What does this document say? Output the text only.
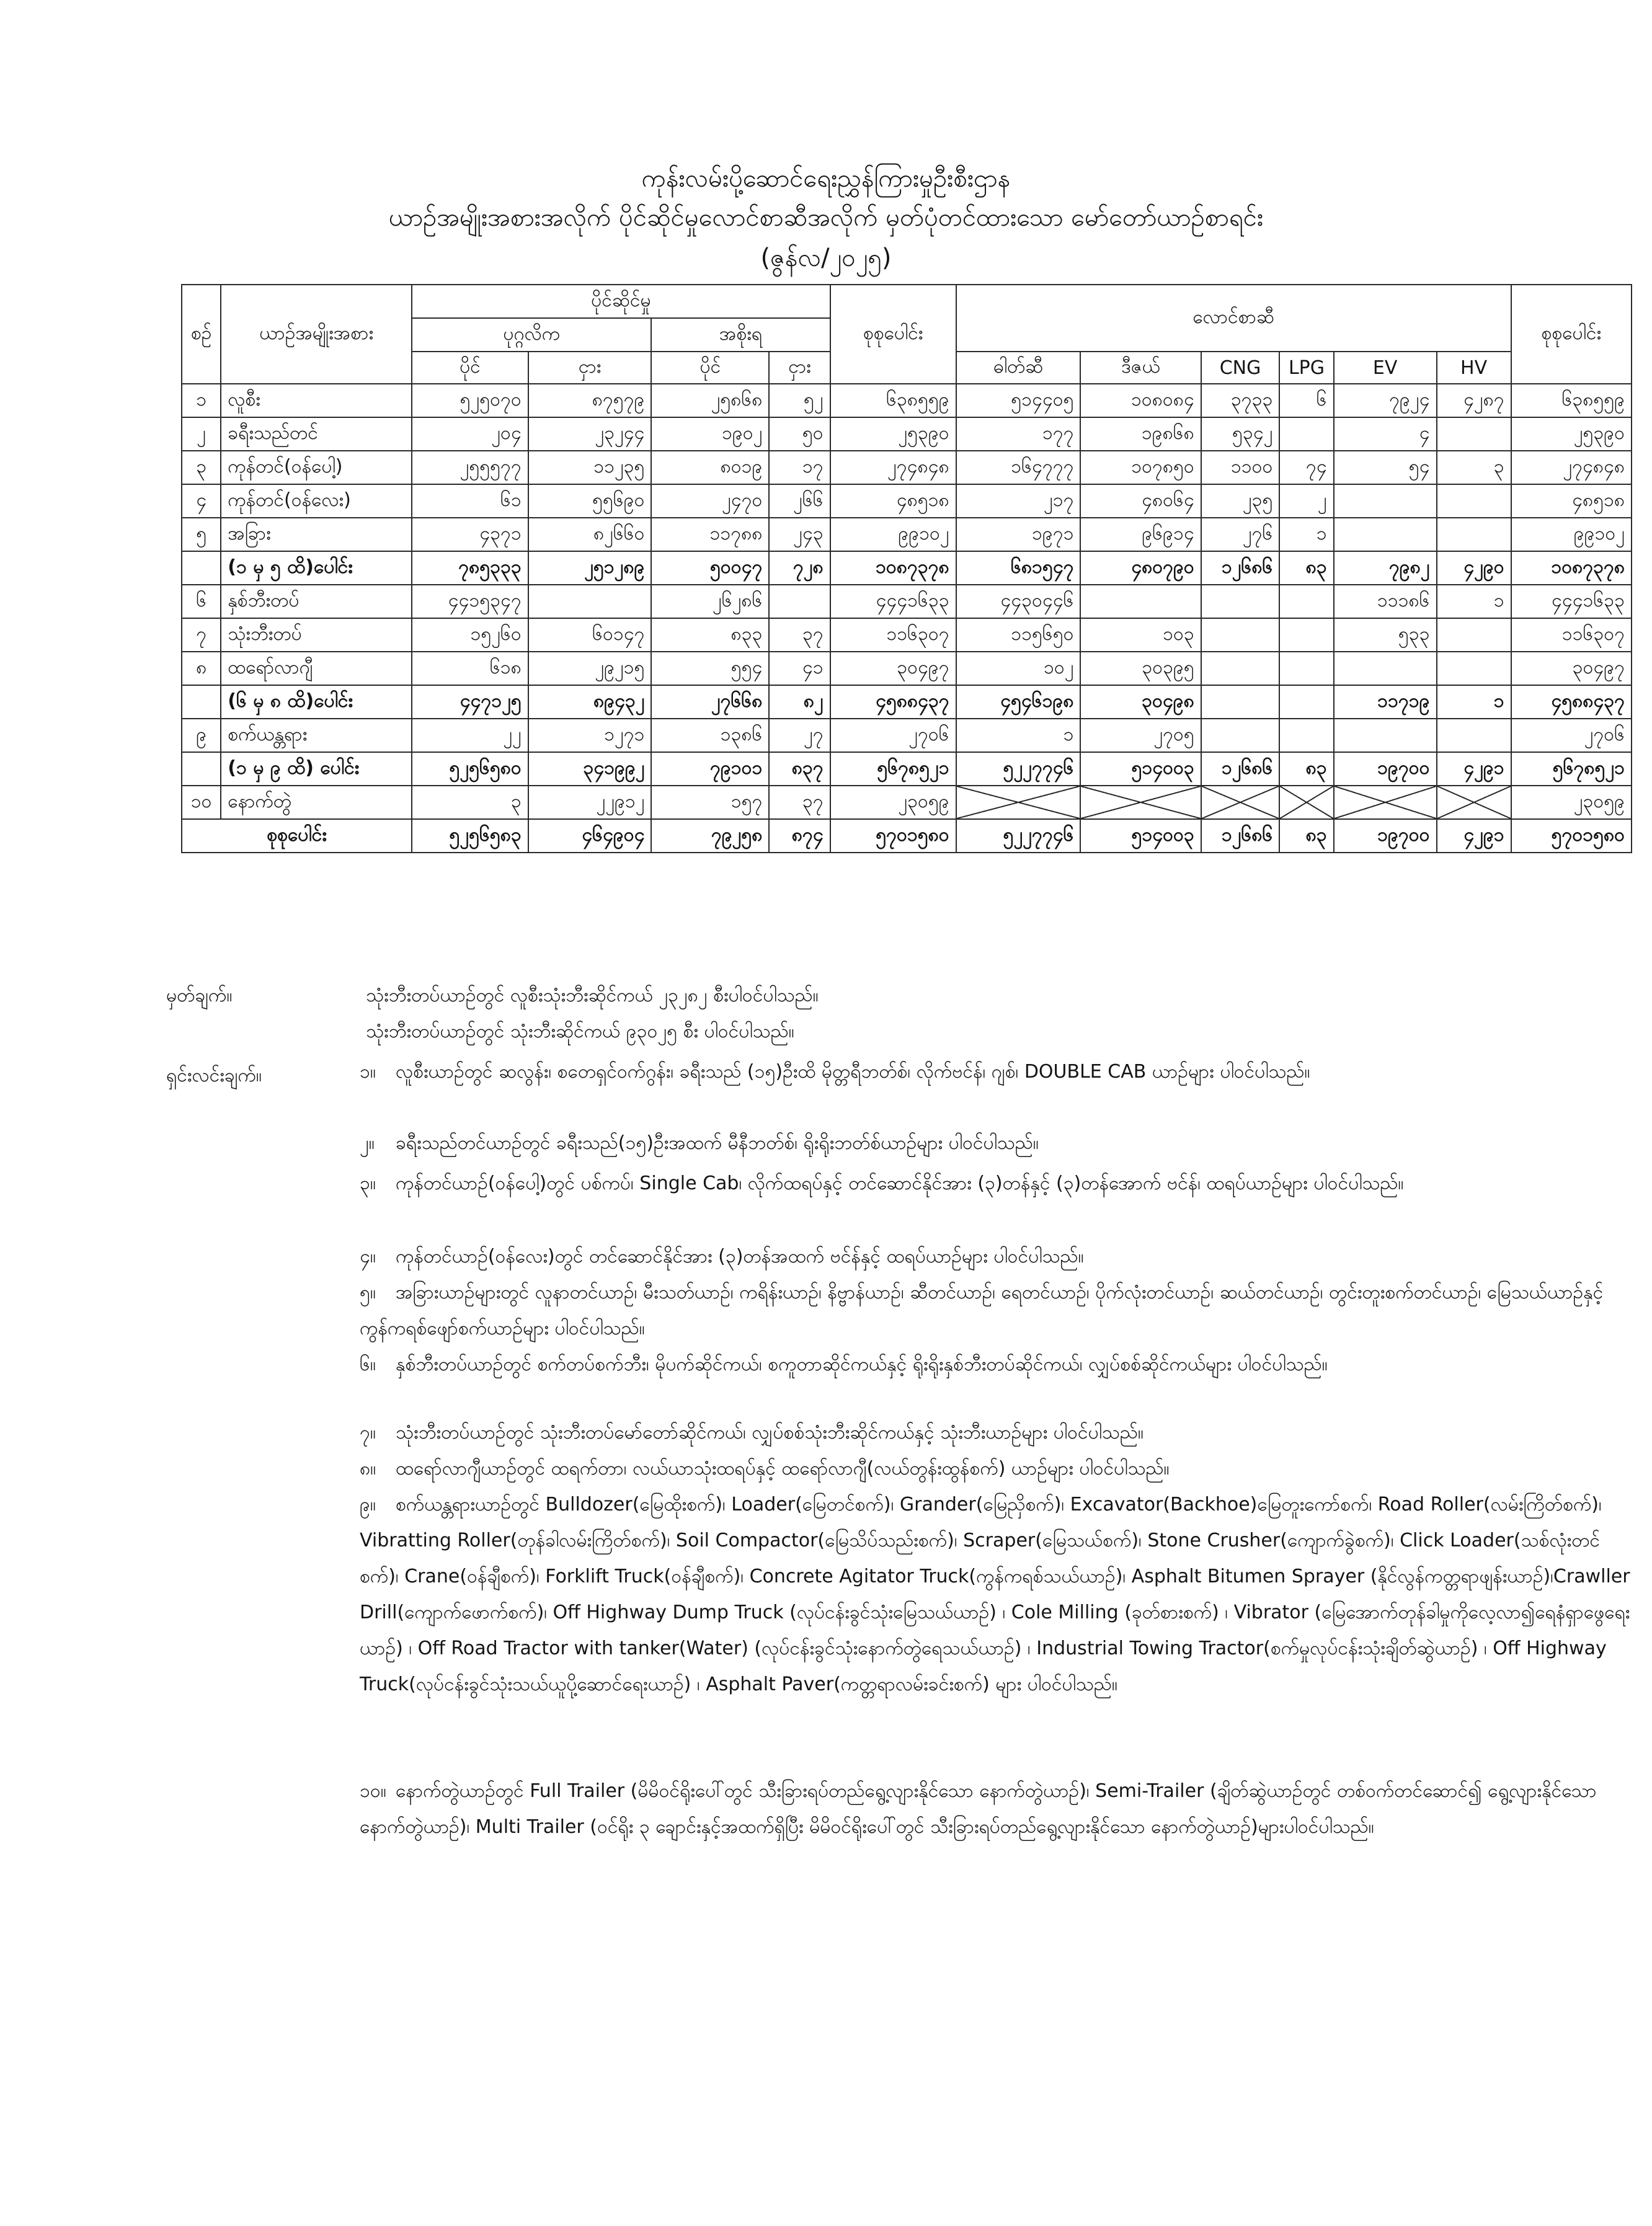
ကုန်းလမ်းပို့ဆောင်ရေးညွှန်ကြားမှုဦးစီးဌာန
ယာဉ်အမျိုးအစားအလိုက် ပိုင်ဆိုင်မှုလောင်စာဆီအလိုက် မှတ်ပုံတင်ထားသော မော်တော်ယာဉ်စာရင်း
(ဇွန်လ/၂၀၂၅)
စဉ်	ယာဉ်အမျိုးအစား	ပိုင်ဆိုင်မှု				စုစုပေါင်း	လောင်စာဆီ						စုစုပေါင်း
		ပုဂ္ဂလိက		အစိုးရ									
		ပိုင်	ငှား	ပိုင်	ငှား		ဓါတ်ဆီ	ဒီဇယ်	CNG	LPG	EV	HV	
၁	လူစီး	၅၂၅၀၇၀	၈၇၅၇၉	၂၅၈၆၈	၅၂	၆၃၈၅၅၉	၅၁၄၄၀၅	၁၀၈၀၈၄	၃၇၃၃	၆	၇၉၂၄	၄၂၈၇	၆၃၈၅၅၉
၂	ခရီးသည်တင်	၂၀၄	၂၃၂၄၄	၁၉၀၂	၅၀	၂၅၃၉၀	၁၇၇	၁၉၈၆၈	၅၃၄၂		၄		၂၅၃၉၀
၃	ကုန်တင်(ဝန်ပေါ့)	၂၅၅၅၇၇	၁၁၂၃၅	၈၀၁၉	၁၇	၂၇၄၈၄၈	၁၆၄၇၇၇	၁၀၇၈၅၀	၁၁၀၀	၇၄	၅၄	၃	၂၇၄၈၄၈
၄	ကုန်တင်(ဝန်လေး)	၆၁	၅၅၆၉၀	၂၄၇၀	၂၆၆	၄၈၅၁၈	၂၁၇	၄၈၀၆၄	၂၃၅	၂			၄၈၅၁၈
၅	အခြား	၄၃၇၁	၈၂၆၆၀	၁၁၇၈၈	၂၄၃	၉၉၁၀၂	၁၉၇၁	၉၆၉၁၄	၂၇၆	၁			၉၉၁၀၂
	(၁ မှ ၅ ထိ)ပေါင်း	၇၈၅၃၃၃	၂၅၁၂၈၉	၅၀၀၄၇	၇၂၈	၁၀၈၇၃၇၈	၆၈၁၅၄၇	၄၈၀၇၉၀	၁၂၆၈၆	၈၃	၇၉၈၂	၄၂၉၀	၁၀၈၇၃၇၈
၆	နှစ်ဘီးတပ်	၄၄၁၅၃၄၇		၂၆၂၈၆		၄၄၄၁၆၃၃	၄၄၃၀၄၄၆				၁၁၁၈၆	၁	၄၄၄၁၆၃၃
၇	သုံးဘီးတပ်	၁၅၂၆၀	၆၀၁၄၇	၈၃၃	၃၇	၁၁၆၃၀၇	၁၁၅၆၅၀	၁၀၃			၅၃၃		၁၁၆၃၀၇
၈	ထရော်လာဂျီ	၆၁၈	၂၉၂၁၅	၅၅၄	၄၁	၃၀၄၉၇	၁၀၂	၃၀၃၉၅					၃၀၄၉၇
	(၆ မှ ၈ ထိ)ပေါင်း	၄၄၇၁၂၅	၈၉၄၃၂	၂၇၆၆၈	၈၂	၄၅၈၈၄၃၇	၄၅၄၆၁၉၈	၃၀၄၉၈			၁၁၇၁၉	၁	၄၅၈၈၄၃၇
၉	စက်ယန္တရား	၂၂	၁၂၇၁	၁၃၈၆	၂၇	၂၇၀၆	၁	၂၇၀၅					၂၇၀၆
	(၁ မှ ၉ ထိ) ပေါင်း	၅၂၅၆၅၈၀	၃၄၁၉၉၂	၇၉၁၀၁	၈၃၇	၅၆၇၈၅၂၁	၅၂၂၇၇၄၆	၅၁၄၀၀၃	၁၂၆၈၆	၈၃	၁၉၇၀၀	၄၂၉၁	၅၆၇၈၅၂၁
၁၀	နောက်တွဲ	၃	၂၂၉၁၂	၁၅၇	၃၇	၂၃၀၅၉							၂၃၀၅၉
စုစုပေါင်း		၅၂၅၆၅၈၃	၄၆၄၉၀၄	၇၉၂၅၈	၈၇၄	၅၇၀၁၅၈၀	၅၂၂၇၇၄၆	၅၁၄၀၀၃	၁၂၆၈၆	၈၃	၁၉၇၀၀	၄၂၉၁	၅၇၀၁၅၈၀
မှတ်ချက်။	သုံးဘီးတပ်ယာဉ်တွင် လူစီးသုံးဘီးဆိုင်ကယ် ၂၃၂၈၂ စီးပါဝင်ပါသည်။
သုံးဘီးတပ်ယာဉ်တွင် သုံးဘီးဆိုင်ကယ် ၉၃၀၂၅ စီး ပါဝင်ပါသည်။
ရှင်းလင်းချက်။	၁။ လူစီးယာဉ်တွင် ဆလွန်း၊ စတေရှင်ဝက်ဂွန်း၊ ခရီးသည် (၁၅)ဦးထိ မိုတ္တရီဘတ်စ်၊ လိုက်ဗင်န်၊ ဂျစ်၊ DOUBLE CAB ယာဉ်များ ပါဝင်ပါသည်။
၂။ ခရီးသည်တင်ယာဉ်တွင် ခရီးသည်(၁၅)ဦးအထက် မီနီဘတ်စ်၊ ရိုးရိုးဘတ်စ်ယာဉ်များ ပါဝင်ပါသည်။
၃။ ကုန်တင်ယာဉ်(ဝန်ပေါ့)တွင် ပစ်ကပ်၊ Single Cab၊ လိုက်ထရပ်နှင့် တင်ဆောင်နိုင်အား (၃)တန်နှင့် (၃)တန်အောက် ဗင်န်၊ ထရပ်ယာဉ်များ ပါဝင်ပါသည်။
၄။ ကုန်တင်ယာဉ်(ဝန်လေး)တွင် တင်ဆောင်နိုင်အား (၃)တန်အထက် ဗင်န်နှင့် ထရပ်ယာဉ်များ ပါဝင်ပါသည်။
၅။ အခြားယာဉ်များတွင် လူနာတင်ယာဉ်၊ မီးသတ်ယာဉ်၊ ကရိန်းယာဉ်၊ နိဗ္ဗာန်ယာဉ်၊ ဆီတင်ယာဉ်၊ ရေတင်ယာဉ်၊ ပိုက်လုံးတင်ယာဉ်၊ ဆယ်တင်ယာဉ်၊ တွင်းတူးစက်တင်ယာဉ်၊ မြေသယ်ယာဉ်နှင့် ကွန်ကရစ်ဖျော်စက်ယာဉ်များ ပါဝင်ပါသည်။
၆။ နှစ်ဘီးတပ်ယာဉ်တွင် စက်တပ်စက်ဘီး၊ မိုပက်ဆိုင်ကယ်၊ စကူတာဆိုင်ကယ်နှင့် ရိုးရိုးနှစ်ဘီးတပ်ဆိုင်ကယ်၊ လျှပ်စစ်ဆိုင်ကယ်များ ပါဝင်ပါသည်။
၇။ သုံးဘီးတပ်ယာဉ်တွင် သုံးဘီးတပ်မော်တော်ဆိုင်ကယ်၊ လျှပ်စစ်သုံးဘီးဆိုင်ကယ်နှင့် သုံးဘီးယာဉ်များ ပါဝင်ပါသည်။
၈။ ထရော်လာဂျီယာဉ်တွင် ထရက်တာ၊ လယ်ယာသုံးထရပ်နှင့် ထရော်လာဂျီ(လယ်တွန်းထွန်စက်) ယာဉ်များ ပါဝင်ပါသည်။
၉။ စက်ယန္တရားယာဉ်တွင် Bulldozer(မြေထိုးစက်)၊ Loader(မြေတင်စက်)၊ Grander(မြေညှိစက်)၊ Excavator(Backhoe)မြေတူးကော်စက်၊ Road Roller(လမ်းကြိတ်စက်)၊ Vibratting Roller(တုန်ခါလမ်းကြိတ်စက်)၊ Soil Compactor(မြေသိပ်သည်းစက်)၊ Scraper(မြေသယ်စက်)၊ Stone Crusher(ကျောက်ခွဲစက်)၊ Click Loader(သစ်လုံးတင်စက်)၊ Crane(ဝန်ချီစက်)၊ Forklift Truck(ဝန်ချီစက်)၊ Concrete Agitator Truck(ကွန်ကရစ်သယ်ယာဉ်)၊ Asphalt Bitumen Sprayer (နိုင်လွန်ကတ္တရာဖျန်းယာဉ်)၊Crawller Drill(ကျောက်ဖောက်စက်)၊ Off Highway Dump Truck (လုပ်ငန်းခွင်သုံးမြေသယ်ယာဉ်) ၊ Cole Milling (ခုတ်စားစက်) ၊ Vibrator (မြေအောက်တုန်ခါမှုကိုလေ့လာ၍ရေနံရှာဖွေရေးယာဉ်) ၊ Off Road Tractor with tanker(Water) (လုပ်ငန်းခွင်သုံးနောက်တွဲရေသယ်ယာဉ်) ၊ Industrial Towing Tractor(စက်မှုလုပ်ငန်းသုံးချိတ်ဆွဲယာဉ်) ၊ Off Highway Truck(လုပ်ငန်းခွင်သုံးသယ်ယူပို့ဆောင်ရေးယာဉ်) ၊ Asphalt Paver(ကတ္တရာလမ်းခင်းစက်) များ ပါဝင်ပါသည်။
၁၀။ နောက်တွဲယာဉ်တွင် Full Trailer (မိမိဝင်ရိုးပေါ်တွင် သီးခြားရပ်တည်ရွေ့လျားနိုင်သော နောက်တွဲယာဉ်)၊ Semi-Trailer (ချိတ်ဆွဲယာဉ်တွင် တစ်ဝက်တင်ဆောင်၍ ရွေ့လျားနိုင်သော နောက်တွဲယာဉ်)၊ Multi Trailer (ဝင်ရိုး ၃ ချောင်းနှင့်အထက်ရှိပြီး မိမိဝင်ရိုးပေါ်တွင် သီးခြားရပ်တည်ရွေ့လျားနိုင်သော နောက်တွဲယာဉ်)များပါဝင်ပါသည်။
